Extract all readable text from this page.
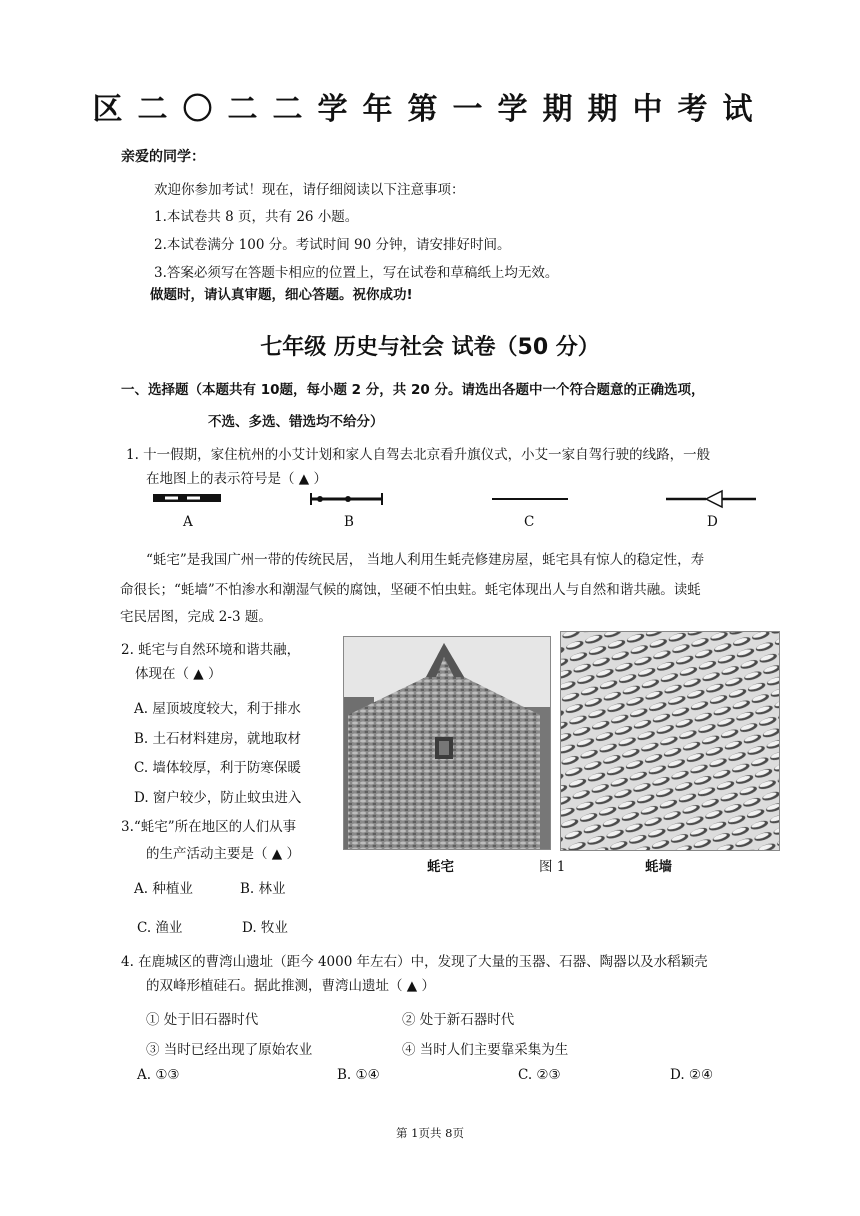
区二〇二二学年第一学期期中考试
亲爱的同学：
欢迎你参加考试！现在，请仔细阅读以下注意事项：
1.本试卷共 8 页，共有 26 小题。
2.本试卷满分 100 分。考试时间 90 分钟，请安排好时间。
3.答案必须写在答题卡相应的位置上，写在试卷和草稿纸上均无效。
做题时，请认真审题，细心答题。祝你成功!
七年级 历史与社会 试卷（50 分）
一、选择题（本题共有 10题，每小题 2 分，共 20 分。请选出各题中一个符合题意的正确选项，
不选、多选、错选均不给分）
1. 十一假期，家住杭州的小艾计划和家人自驾去北京看升旗仪式，小艾一家自驾行驶的线路，一般
在地图上的表示符号是（ ▲ ）
A	B	C	D
“蚝宅”是我国广州一带的传统民居， 当地人利用生蚝壳修建房屋，蚝宅具有惊人的稳定性，寿
命很长；“蚝墙”不怕渗水和潮湿气候的腐蚀，坚硬不怕虫蛀。蚝宅体现出人与自然和谐共融。读蚝
宅民居图，完成 2-3 题。
2. 蚝宅与自然环境和谐共融，
体现在（ ▲ ）
A. 屋顶坡度较大，利于排水
B. 土石材料建房，就地取材
C. 墙体较厚，利于防寒保暖
D. 窗户较少，防止蚊虫进入
3.“蚝宅”所在地区的人们从事
的生产活动主要是（ ▲ ）
A. 种植业	B. 林业
C. 渔业	D. 牧业
蚝宅	图 1	蚝墙
4. 在鹿城区的曹湾山遗址（距今 4000 年左右）中，发现了大量的玉器、石器、陶器以及水稻颖壳
的双峰形植硅石。据此推测，曹湾山遗址（ ▲ ）
① 处于旧石器时代	② 处于新石器时代
③ 当时已经出现了原始农业	④ 当时人们主要靠采集为生
A. ①③	B. ①④	C. ②③	D. ②④
第 1页共 8页
